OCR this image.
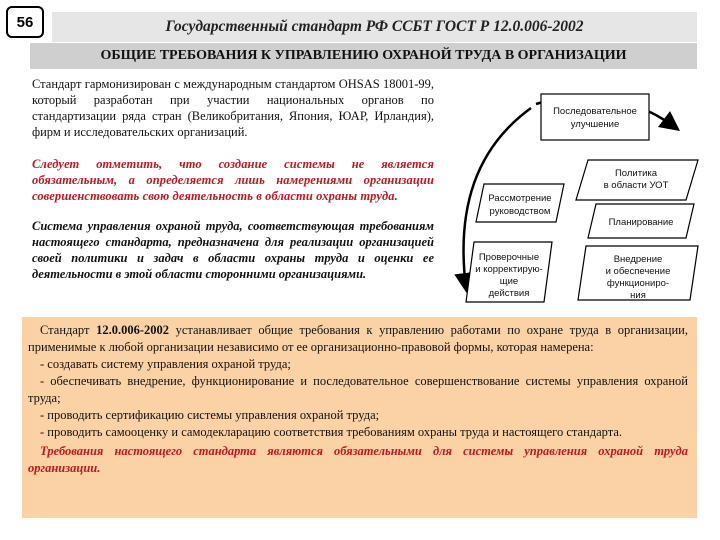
56	Государственный стандарт РФ ССБТ ГОСТ Р 12.0.006-2002
ОБЩИЕ ТРЕБОВАНИЯ К УПРАВЛЕНИЮ ОХРАНОЙ ТРУДА В ОРГАНИЗАЦИИ

Стандарт гармонизирован с международным стандартом OHSAS 18001-99, который разработан при участии национальных органов по стандартизации ряда стран (Великобритания, Япония, ЮАР, Ирландия), фирм и исследовательских организаций.

Следует отметить, что создание системы не является обязательным, а определяется лишь намерениями организации совершенствовать свою деятельность в области охраны труда.

Система управления охраной труда, соответствующая требованиям настоящего стандарта, предназначена для реализации организацией своей политики и задач в области охраны труда и оценки ее деятельности в этой области сторонними организациями.

Последовательное
улучшение
Политика
в области УОТ
Рассмотрение
руководством
Планирование
Проверочные
и корректирую-
щие
действия
Внедрение
и обеспечение
функциониро-
ния

Стандарт 12.0.006-2002 устанавливает общие требования к управлению работами по охране труда в организации, применимые к любой организации независимо от ее организационно-правовой формы, которая намерена:

- создавать систему управления охраной труда;

- обеспечивать внедрение, функционирование и последовательное совершенствование системы управления охраной труда;

- проводить сертификацию системы управления охраной труда;

- проводить самооценку и самодекларацию соответствия требованиям охраны труда и настоящего стандарта.

Требования настоящего стандарта являются обязательными для системы управления охраной труда организации.
